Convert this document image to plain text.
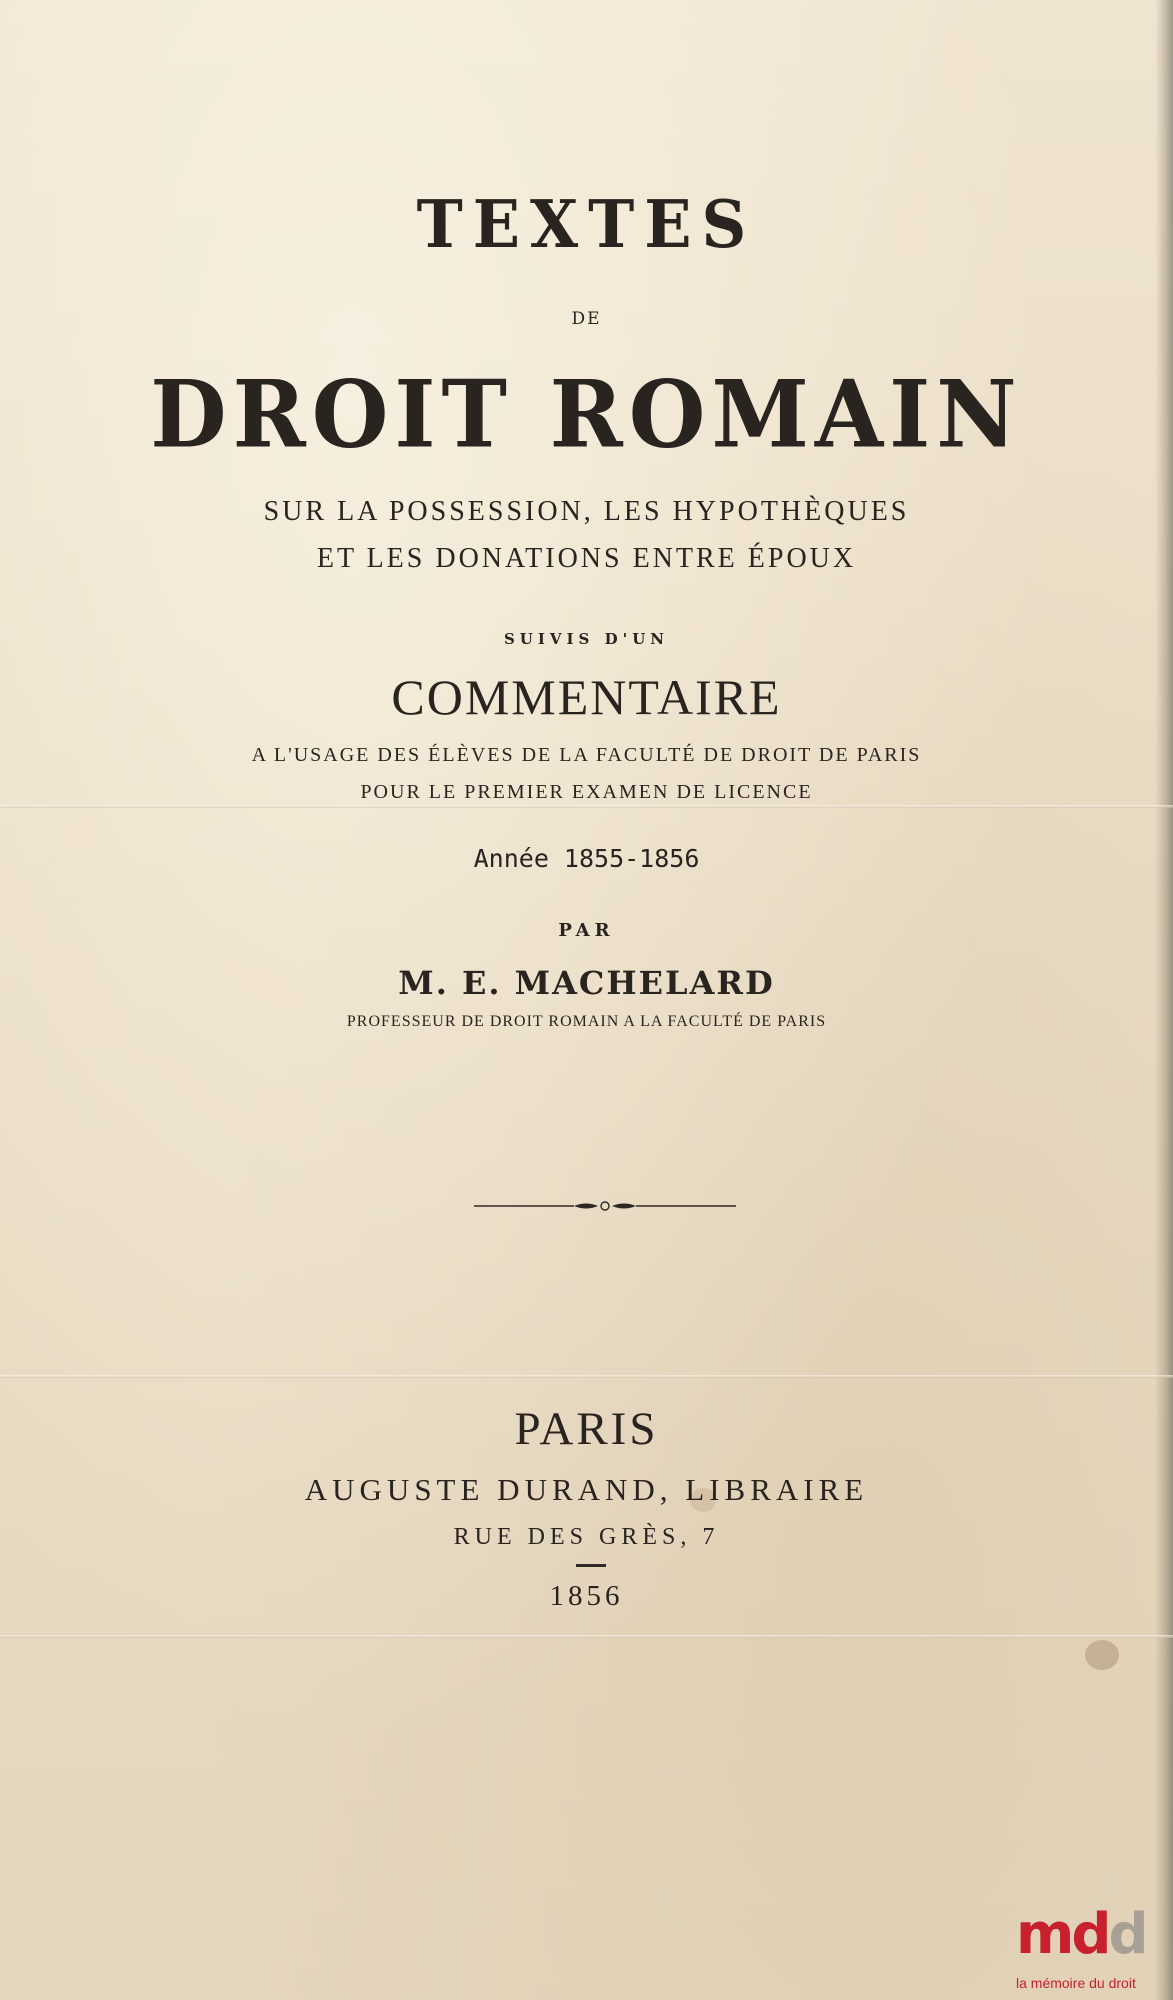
TEXTES

DE

DROIT ROMAIN

SUR LA POSSESSION, LES HYPOTHÈQUES

ET LES DONATIONS ENTRE ÉPOUX

SUIVIS D'UN

COMMENTAIRE

A L'USAGE DES ÉLÈVES DE LA FACULTÉ DE DROIT DE PARIS

POUR LE PREMIER EXAMEN DE LICENCE

Année 1855-1856

PAR

M. E. MACHELARD

PROFESSEUR DE DROIT ROMAIN A LA FACULTÉ DE PARIS

PARIS

AUGUSTE DURAND, LIBRAIRE

RUE DES GRÈS, 7

1856

mdd

la mémoire du droit
